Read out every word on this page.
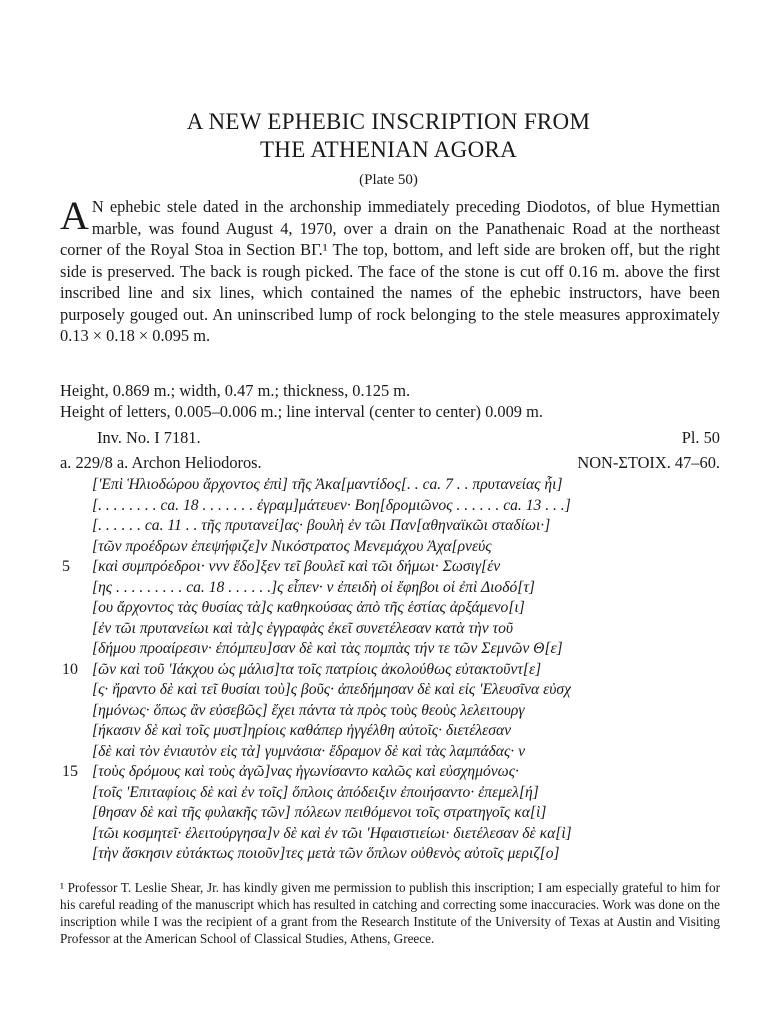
A NEW EPHEBIC INSCRIPTION FROM
THE ATHENIAN AGORA
(Plate 50)
A N ephebic stele dated in the archonship immediately preceding Diodotos, of blue Hymettian marble, was found August 4, 1970, over a drain on the Panathenaic Road at the northeast corner of the Royal Stoa in Section ΒΓ.¹ The top, bottom, and left side are broken off, but the right side is preserved. The back is rough picked. The face of the stone is cut off 0.16 m. above the first inscribed line and six lines, which contained the names of the ephebic instructors, have been purposely gouged out. An uninscribed lump of rock belonging to the stele measures approximately 0.13 × 0.18 × 0.095 m.
Height, 0.869 m.; width, 0.47 m.; thickness, 0.125 m.
Height of letters, 0.005–0.006 m.; line interval (center to center) 0.009 m.
Inv. No. I 7181.	Pl. 50
a. 229/8 a. Archon Heliodoros.	NON-ΣΤΟΙΧ. 47–60.
['Επὶ Ἡλιοδώρου ἄρχοντος ἐπὶ] τῆς Ἀκα[μαντίδος[. . ca. 7 . . πρυτανείας ἧι]
[. . . . . . . . ca. 18 . . . . . . . ἐγραμ]μάτευεν· Βοη[δρομιῶνος . . . . . . ca. 13 . . .]
[. . . . . . ca. 11 . . τῆς πρυτανεί]ας· βουλὴ ἐν τῶι Παν[αθηναϊκῶι σταδίωι·]
[τῶν προέδρων ἐπεψήφιζε]ν Νικόστρατος Μενεμάχου Ἀχα[ρνεύς
5 [καὶ συμπρόεδροι· vvv ἔδο]ξεν τεῖ βουλεῖ καὶ τῶι δήμωι· Σωσιγ[έν
[ης . . . . . . . . . ca. 18 . . . . . .]ς εἶπεν· v ἐπειδὴ οἱ ἔφηβοι οἱ ἐπὶ Διοδό[τ]
[ου ἄρχοντος τὰς θυσίας τὰ]ς καθηκούσας ἀπὸ τῆς ἑστίας ἀρξάμενο[ι]
[ἐν τῶι πρυτανείωι καὶ τὰ]ς ἐγγραφὰς ἐκεῖ συνετέλεσαν κατὰ τὴν τοῦ
[δήμου προαίρεσιν· ἐπόμπευ]σαν δὲ καὶ τὰς πομπὰς τήν τε τῶν Σεμνῶν Θ[ε]
10 [ῶν καὶ τοῦ 'Ιάκχου ὡς μάλισ]τα τοῖς πατρίοις ἀκολούθως εὐτακτοῦντ[ε]
[ς· ἤραντο δὲ καὶ τεῖ θυσίαι τοὺ]ς βοῦς· ἀπεδήμησαν δὲ καὶ εἰς 'Ελευσῖνα εὐσχ
[ημόνως· ὅπως ἂν εὐσεβῶς] ἔχει πάντα τὰ πρὸς τοὺς θεοὺς λελειτουργ
[ήκασιν δὲ καὶ τοῖς μυστ]ηρίοις καθάπερ ἠγγέλθη αὐτοῖς· διετέλεσαν
[δὲ καὶ τὸν ἐνιαυτὸν εἰς τὰ] γυμνάσια· ἔδραμον δὲ καὶ τὰς λαμπάδας· v
15 [τοὺς δρόμους καὶ τοὺς ἀγῶ]νας ἠγωνίσαντο καλῶς καὶ εὐσχημόνως·
[τοῖς 'Επιταφίοις δὲ καὶ ἐν τοῖς] ὅπλοις ἀπόδειξιν ἐποιήσαντο· ἐπεμελ[ή]
[θησαν δὲ καὶ τῆς φυλακῆς τῶν] πόλεων πειθόμενοι τοῖς στρατηγοῖς κα[ὶ]
[τῶι κοσμητεῖ· ἐλειτούργησα]ν δὲ καὶ ἐν τῶι 'Ηφαιστιείωι· διετέλεσαν δὲ κα[ὶ]
[τὴν ἄσκησιν εὐτάκτως ποιοῦν]τες μετὰ τῶν ὅπλων οὐθενὸς αὐτοῖς μεριζ[ο]
¹ Professor T. Leslie Shear, Jr. has kindly given me permission to publish this inscription; I am especially grateful to him for his careful reading of the manuscript which has resulted in catching and correcting some inaccuracies. Work was done on the inscription while I was the recipient of a grant from the Research Institute of the University of Texas at Austin and Visiting Professor at the American School of Classical Studies, Athens, Greece.
